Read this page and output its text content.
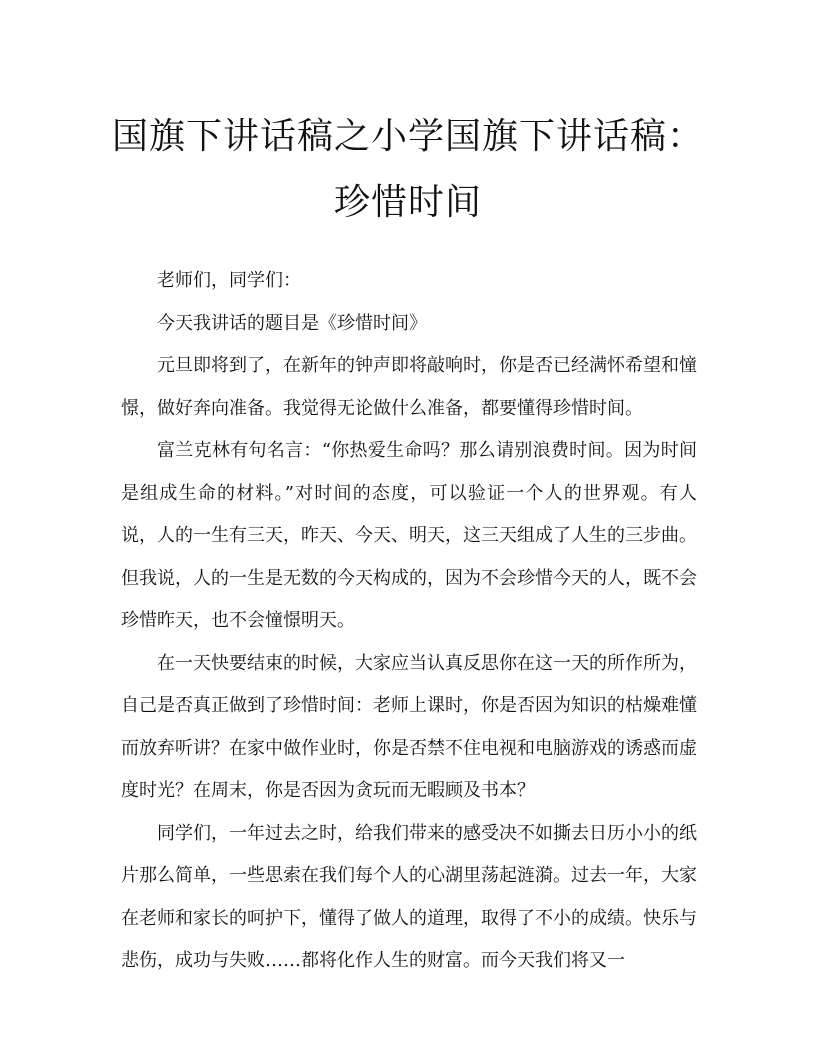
国旗下讲话稿之小学国旗下讲话稿：珍惜时间

老师们，同学们：

今天我讲话的题目是《珍惜时间》

元旦即将到了，在新年的钟声即将敲响时，你是否已经满怀希望和憧憬，做好奔向准备。我觉得无论做什么准备，都要懂得珍惜时间。

富兰克林有句名言：“你热爱生命吗？那么请别浪费时间。因为时间是组成生命的材料。”对时间的态度，可以验证一个人的世界观。有人说，人的一生有三天，昨天、今天、明天，这三天组成了人生的三步曲。但我说，人的一生是无数的今天构成的，因为不会珍惜今天的人，既不会珍惜昨天，也不会憧憬明天。

在一天快要结束的时候，大家应当认真反思你在这一天的所作所为，自己是否真正做到了珍惜时间：老师上课时，你是否因为知识的枯燥难懂而放弃听讲？在家中做作业时，你是否禁不住电视和电脑游戏的诱惑而虚度时光？在周末，你是否因为贪玩而无暇顾及书本？

同学们，一年过去之时，给我们带来的感受决不如撕去日历小小的纸片那么简单，一些思索在我们每个人的心湖里荡起涟漪。过去一年，大家在老师和家长的呵护下，懂得了做人的道理，取得了不小的成绩。快乐与悲伤，成功与失败……都将化作人生的财富。而今天我们将又一
